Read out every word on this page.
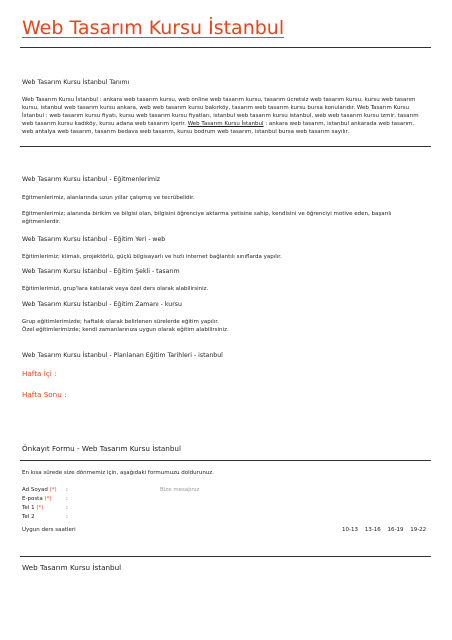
Web Tasarım Kursu İstanbul
Web Tasarım Kursu İstanbul Tanımı
Web Tasarım Kursu İstanbul : ankara web tasarım kursu, web online web tasarım kursu, tasarım ücretsiz web tasarım kursu, kursu web tasarım kursu, istanbul web tasarım kursu ankara, web web tasarım kursu bakırköy, tasarım web tasarım kursu bursa konularıdır. Web Tasarım Kursu İstanbul : web tasarım kursu fiyatı, kursu web tasarım kursu fiyatları, istanbul web tasarım kursu istanbul, web web tasarım kursu izmir, tasarım web tasarım kursu kadıköy, kursu adana web tasarım içerir. Web Tasarım Kursu İstanbul : ankara web tasarım, istanbul ankarada web tasarım, web antalya web tasarım, tasarım bedava web tasarım, kursu bodrum web tasarım, istanbul bursa web tasarım sayılır.
Web Tasarım Kursu İstanbul - Eğitmenlerimiz
Eğitmenlerimiz, alanlarında uzun yıllar çalışmış ve tecrübelidir.
Eğitmenlerimiz; alanında birikim ve bilgisi olan, bilgisini öğrenciye aktarma yetisine sahip, kendisini ve öğrenciyi motive eden, başarılı eğitmenlerdir.
Web Tasarım Kursu İstanbul - Eğitim Yeri - web
Eğitimlerimiz; klimalı, projektörlü, güçlü bilgisayarlı ve hızlı internet bağlantılı sınıflarda yapılır.
Web Tasarım Kursu İstanbul - Eğitim Şekli - tasarım
Eğitimlerimizi, grup'lara katılarak veya özel ders olarak alabilirsiniz.
Web Tasarım Kursu İstanbul - Eğitim Zamanı - kursu
Grup eğitimlerimizde; haftalık olarak belirlenen sürelerde eğitim yapılır.
Özel eğitimlerimizde; kendi zamanlarınıza uygun olarak eğitim alabilirsiniz.
Web Tasarım Kursu İstanbul - Planlanan Eğitim Tarihleri - istanbul
Hafta İçi :
Hafta Sonu :
Önkayıt Formu - Web Tasarım Kursu İstanbul
En kısa sürede size dönmemiz için, aşağıdaki formumuzu doldurunuz.
Ad Soyad (*) :	Bize mesajınız
E-posta (*)	:
Tel 1 (*)	:
Tel 2	:
Uygun ders saatleri	10-13 13-16 16-19 19-22
Web Tasarım Kursu İstanbul
